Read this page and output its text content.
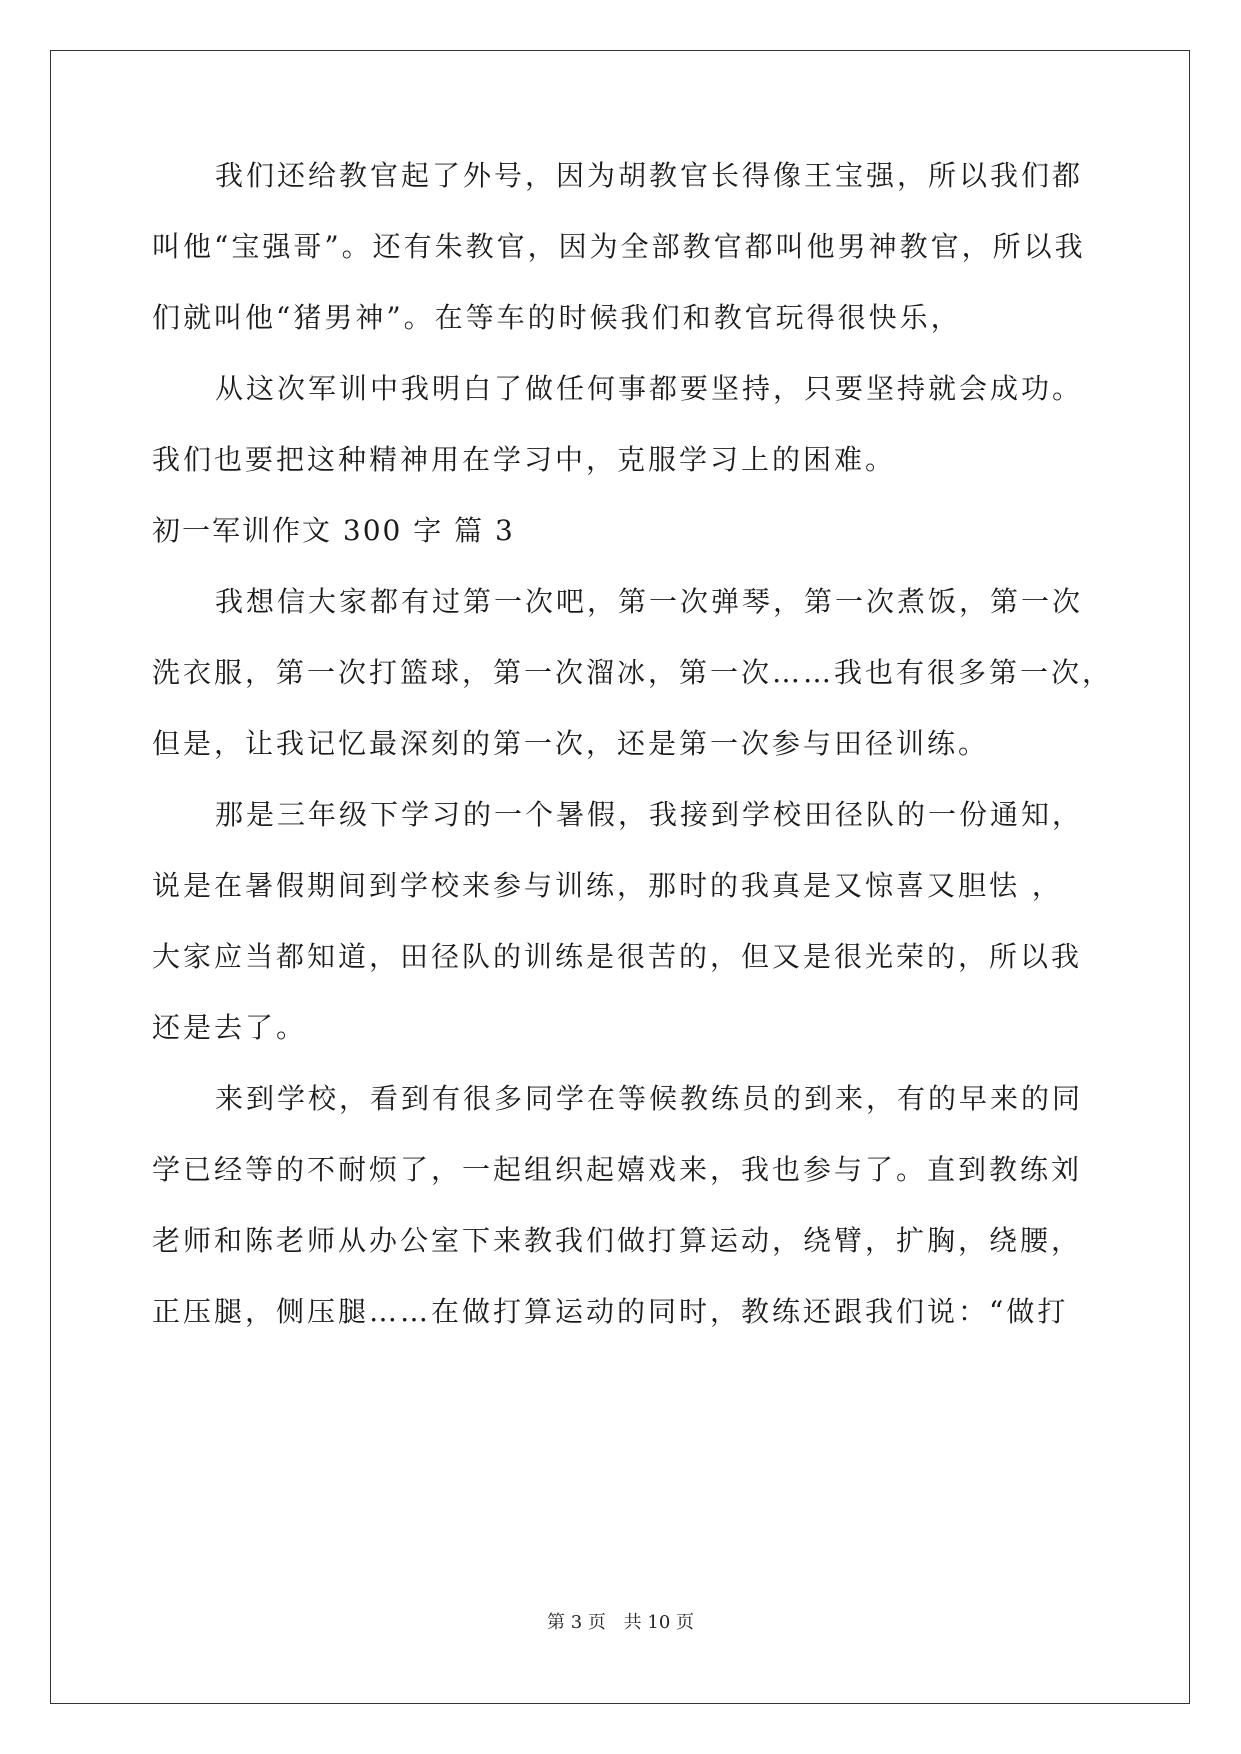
我们还给教官起了外号，因为胡教官长得像王宝强，所以我们都
叫他“宝强哥”。还有朱教官，因为全部教官都叫他男神教官，所以我
们就叫他“猪男神”。在等车的时候我们和教官玩得很快乐，
从这次军训中我明白了做任何事都要坚持，只要坚持就会成功。
我们也要把这种精神用在学习中，克服学习上的困难。
初一军训作文 300 字 篇 3
我想信大家都有过第一次吧，第一次弹琴，第一次煮饭，第一次
洗衣服，第一次打篮球，第一次溜冰，第一次……我也有很多第一次，
但是，让我记忆最深刻的第一次，还是第一次参与田径训练。
那是三年级下学习的一个暑假，我接到学校田径队的一份通知，
说是在暑假期间到学校来参与训练，那时的我真是又惊喜又胆怯 ，
大家应当都知道，田径队的训练是很苦的，但又是很光荣的，所以我
还是去了。
来到学校，看到有很多同学在等候教练员的到来，有的早来的同
学已经等的不耐烦了，一起组织起嬉戏来，我也参与了。直到教练刘
老师和陈老师从办公室下来教我们做打算运动，绕臂，扩胸，绕腰，
正压腿，侧压腿……在做打算运动的同时，教练还跟我们说：“做打
第 3 页 共 10 页
